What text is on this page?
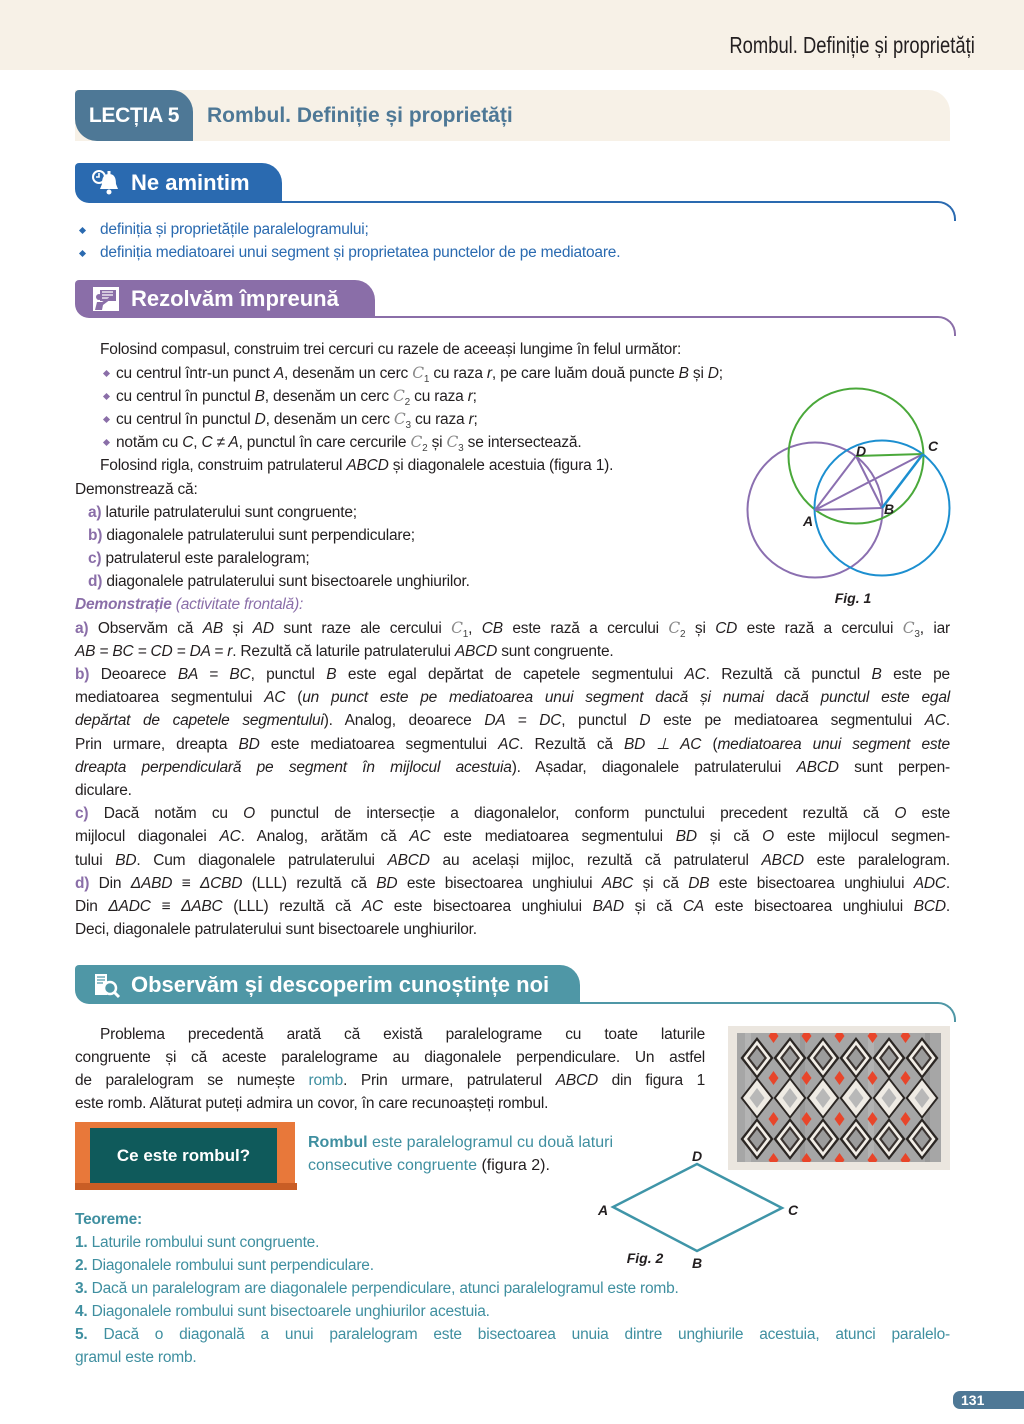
Rombul. Definiție și proprietăți
LECȚIA 5	Rombul. Definiție și proprietăți
Ne amintim
definiția și proprietățile paralelogramului;
definiția mediatoarei unui segment și proprietatea punctelor de pe mediatoare.
Rezolvăm împreună
Folosind compasul, construim trei cercuri cu razele de aceeași lungime în felul următor:
cu centrul într-un punct A, desenăm un cerc $C_1$ cu raza r, pe care luăm două puncte B și D;
cu centrul în punctul B, desenăm un cerc $C_2$ cu raza r;
cu centrul în punctul D, desenăm un cerc $C_3$ cu raza r;
notăm cu C, C ≠ A, punctul în care cercurile $C_2$ și $C_3$ se intersectează.
Folosind rigla, construim patrulaterul ABCD și diagonalele acestuia (figura 1).
Demonstrează că:
a) laturile patrulaterului sunt congruente;
b) diagonalele patrulaterului sunt perpendiculare;
c) patrulaterul este paralelogram;
d) diagonalele patrulaterului sunt bisectoarele unghiurilor.
Demonstrație (activitate frontală):
a) Observăm că AB și AD sunt raze ale cercului $C_1$, CB este rază a cercului $C_2$ și CD este rază a cercului $C_3$, iar
AB = BC = CD = DA = r. Rezultă că laturile patrulaterului ABCD sunt congruente.
b) Deoarece BA = BC, punctul B este egal depărtat de capetele segmentului AC. Rezultă că punctul B este pe
mediatoarea segmentului AC (un punct este pe mediatoarea unui segment dacă și numai dacă punctul este egal
depărtat de capetele segmentului). Analog, deoarece DA = DC, punctul D este pe mediatoarea segmentului AC.
Prin urmare, dreapta BD este mediatoarea segmentului AC. Rezultă că BD ⊥ AC (mediatoarea unui segment este
dreapta perpendiculară pe segment în mijlocul acestuia). Așadar, diagonalele patrulaterului ABCD sunt perpen-
diculare.
c) Dacă notăm cu O punctul de intersecție a diagonalelor, conform punctului precedent rezultă că O este
mijlocul diagonalei AC. Analog, arătăm că AC este mediatoarea segmentului BD și că O este mijlocul segmen-
tului BD. Cum diagonalele patrulaterului ABCD au același mijloc, rezultă că patrulaterul ABCD este paralelogram.
d) Din ΔABD ≡ ΔCBD (LLL) rezultă că BD este bisectoarea unghiului ABC și că DB este bisectoarea unghiului ADC.
Din ΔADC ≡ ΔABC (LLL) rezultă că AC este bisectoarea unghiului BAD și că CA este bisectoarea unghiului BCD.
Deci, diagonalele patrulaterului sunt bisectoarele unghiurilor.
A
B
C
D
Fig. 1
Observăm și descoperim cunoștințe noi
Problema precedentă arată că există paralelograme cu toate laturile
congruente și că aceste paralelograme au diagonalele perpendiculare. Un astfel
de paralelogram se numește romb. Prin urmare, patrulaterul ABCD din figura 1
este romb. Alăturat puteți admira un covor, în care recunoașteți rombul.
Ce este rombul?
Rombul este paralelogramul cu două laturi
consecutive congruente (figura 2).
D
A	C
B
Fig. 2
Teoreme:
1. Laturile rombului sunt congruente.
2. Diagonalele rombului sunt perpendiculare.
3. Dacă un paralelogram are diagonalele perpendiculare, atunci paralelogramul este romb.
4. Diagonalele rombului sunt bisectoarele unghiurilor acestuia.
5. Dacă o diagonală a unui paralelogram este bisectoarea unuia dintre unghiurile acestuia, atunci paralelo-
gramul este romb.
131
